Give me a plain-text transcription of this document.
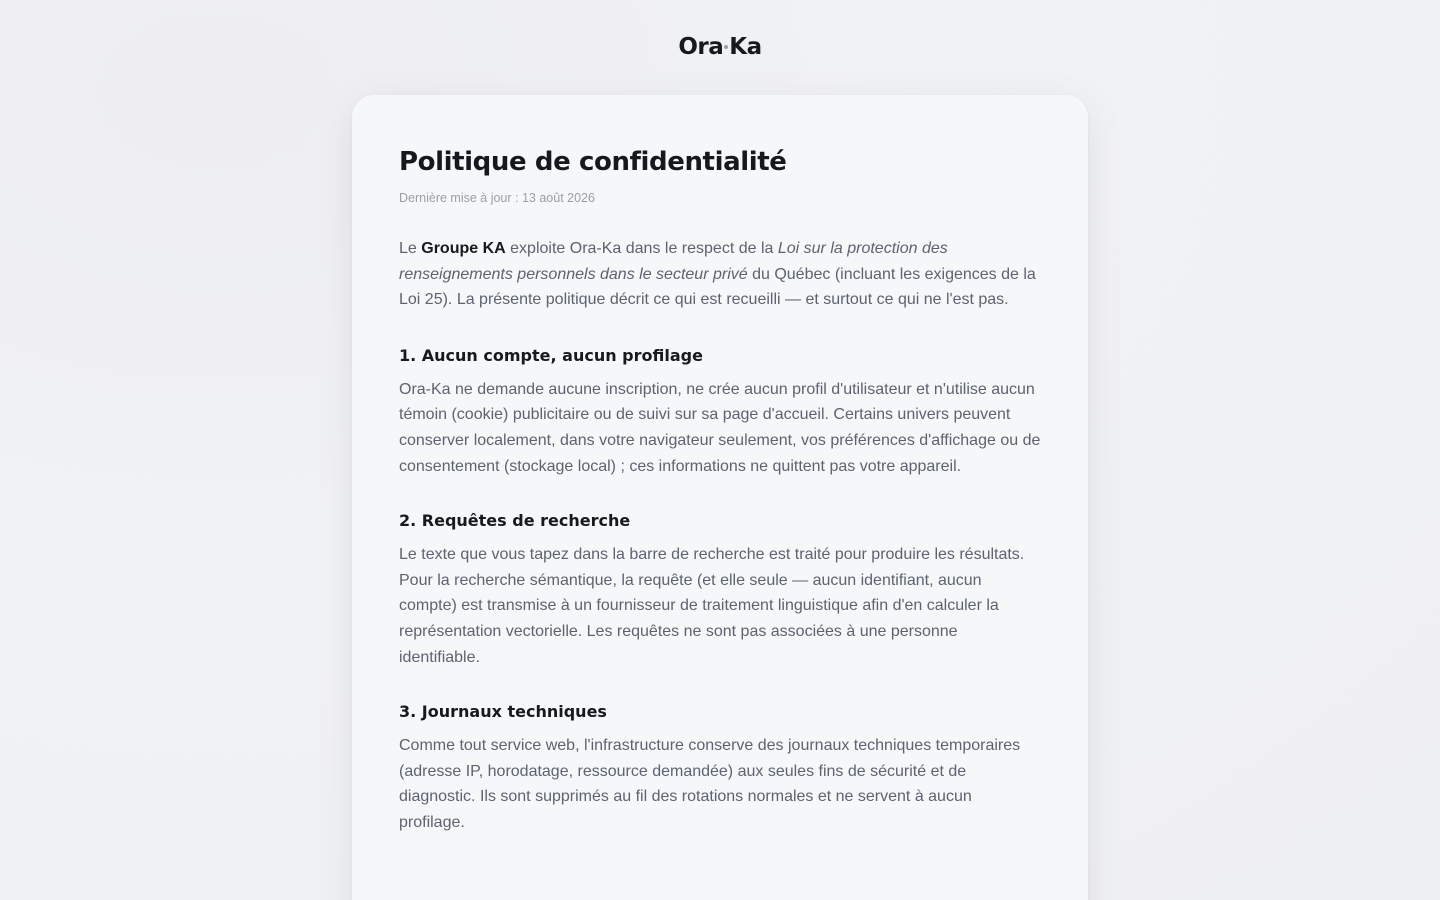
Ora Ka
Politique de confidentialité
Dernière mise à jour : 13 août 2026

Le Groupe KA exploite Ora-Ka dans le respect de la Loi sur la protection des renseignements personnels dans le secteur privé du Québec (incluant les exigences de la Loi 25). La présente politique décrit ce qui est recueilli — et surtout ce qui ne l'est pas.

1. Aucun compte, aucun profilage

Ora-Ka ne demande aucune inscription, ne crée aucun profil d'utilisateur et n'utilise aucun témoin (cookie) publicitaire ou de suivi sur sa page d'accueil. Certains univers peuvent conserver localement, dans votre navigateur seulement, vos préférences d'affichage ou de consentement (stockage local) ; ces informations ne quittent pas votre appareil.

2. Requêtes de recherche

Le texte que vous tapez dans la barre de recherche est traité pour produire les résultats. Pour la recherche sémantique, la requête (et elle seule — aucun identifiant, aucun compte) est transmise à un fournisseur de traitement linguistique afin d'en calculer la représentation vectorielle. Les requêtes ne sont pas associées à une personne identifiable.

3. Journaux techniques

Comme tout service web, l'infrastructure conserve des journaux techniques temporaires (adresse IP, horodatage, ressource demandée) aux seules fins de sécurité et de diagnostic. Ils sont supprimés au fil des rotations normales et ne servent à aucun profilage.
